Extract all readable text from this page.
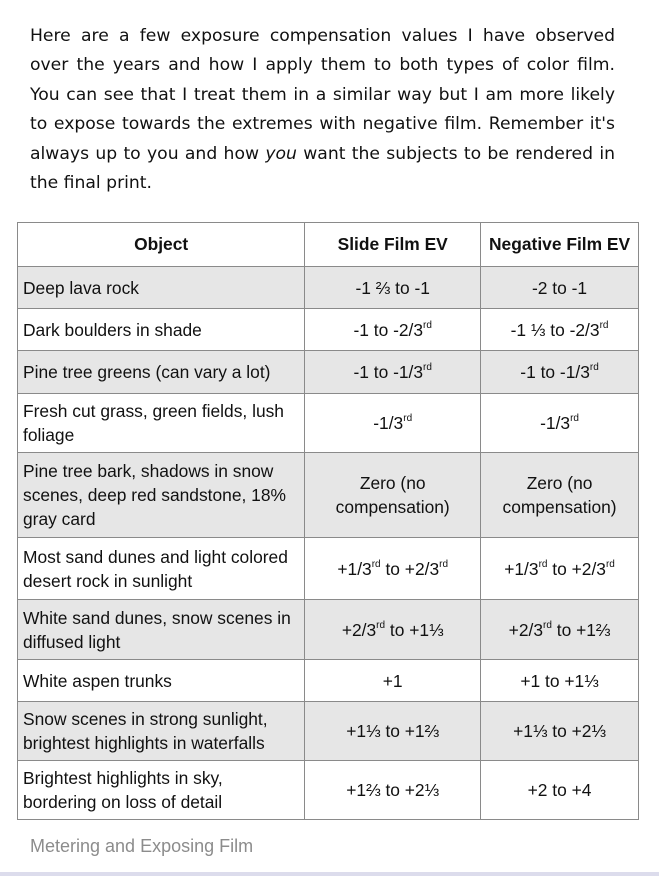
Here are a few exposure compensation values I have observed over the years and how I apply them to both types of color film. You can see that I treat them in a similar way but I am more likely to expose towards the extremes with negative film. Remember it's always up to you and how you want the subjects to be rendered in the final print.
Object	Slide Film EV	Negative Film EV
Deep lava rock	-1 ⅔ to -1	-2 to -1
Dark boulders in shade	-1 to -2/3rd	-1 ⅓ to -2/3rd
Pine tree greens (can vary a lot)	-1 to -1/3rd	-1 to -1/3rd
Fresh cut grass, green fields, lush foliage	-1/3rd	-1/3rd
Pine tree bark, shadows in snow scenes, deep red sandstone, 18% gray card	Zero (no compensation)	Zero (no compensation)
Most sand dunes and light colored desert rock in sunlight	+1/3rd to +2/3rd	+1/3rd to +2/3rd
White sand dunes, snow scenes in diffused light	+2/3rd to +1⅓	+2/3rd to +1⅔
White aspen trunks	+1	+1 to +1⅓
Snow scenes in strong sunlight, brightest highlights in waterfalls	+1⅓ to +1⅔	+1⅓ to +2⅓
Brightest highlights in sky, bordering on loss of detail	+1⅔ to +2⅓	+2 to +4
Metering and Exposing Film
